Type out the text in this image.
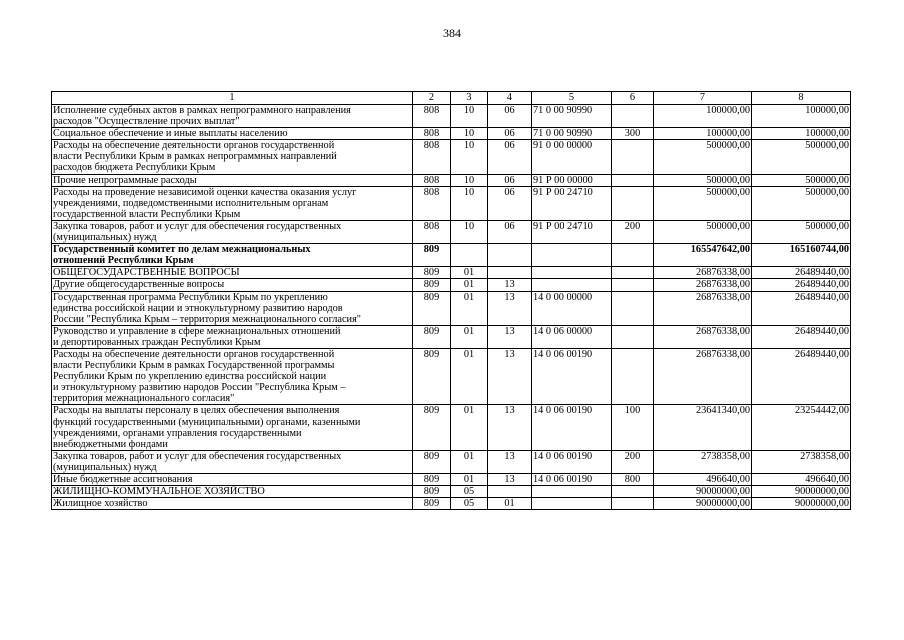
384
1	2	3	4	5	6	7	8

Исполнение судебных актов в рамках непрограммного направления
расходов "Осуществление прочих выплат"	808	10	06	71 0 00 90990		100000,00	100000,00

Социальное обеспечение и иные выплаты населению	808	10	06	71 0 00 90990	300	100000,00	100000,00

Расходы на обеспечение деятельности органов государственной
власти Республики Крым в рамках непрограммных направлений
расходов бюджета Республики Крым	808	10	06	91 0 00 00000		500000,00	500000,00

Прочие непрограммные расходы	808	10	06	91 Р 00 00000		500000,00	500000,00

Расходы на проведение независимой оценки качества оказания услуг
учреждениями, подведомственными исполнительным органам
государственной власти Республики Крым	808	10	06	91 Р 00 24710		500000,00	500000,00

Закупка товаров, работ и услуг для обеспечения государственных
(муниципальных) нужд	808	10	06	91 Р 00 24710	200	500000,00	500000,00

Государственный комитет по делам межнациональных
отношений Республики Крым	809					165547642,00	165160744,00

ОБЩЕГОСУДАРСТВЕННЫЕ ВОПРОСЫ	809	01				26876338,00	26489440,00

Другие общегосударственные вопросы	809	01	13			26876338,00	26489440,00

Государственная программа Республики Крым по укреплению
единства российской нации и этнокультурному развитию народов
России "Республика Крым – территория межнационального согласия"	809	01	13	14 0 00 00000		26876338,00	26489440,00

Руководство и управление в сфере межнациональных отношений
и депортированных граждан Республики Крым	809	01	13	14 0 06 00000		26876338,00	26489440,00

Расходы на обеспечение деятельности органов государственной
власти Республики Крым в рамках Государственной программы
Республики Крым по укреплению единства российской нации
и этнокультурному развитию народов России "Республика Крым –
территория межнационального согласия"	809	01	13	14 0 06 00190		26876338,00	26489440,00

Расходы на выплаты персоналу в целях обеспечения выполнения
функций государственными (муниципальными) органами, казенными
учреждениями, органами управления государственными
внебюджетными фондами	809	01	13	14 0 06 00190	100	23641340,00	23254442,00

Закупка товаров, работ и услуг для обеспечения государственных
(муниципальных) нужд	809	01	13	14 0 06 00190	200	2738358,00	2738358,00

Иные бюджетные ассигнования	809	01	13	14 0 06 00190	800	496640,00	496640,00

ЖИЛИЩНО-КОММУНАЛЬНОЕ ХОЗЯЙСТВО	809	05				90000000,00	90000000,00

Жилищное хозяйство	809	05	01			90000000,00	90000000,00
